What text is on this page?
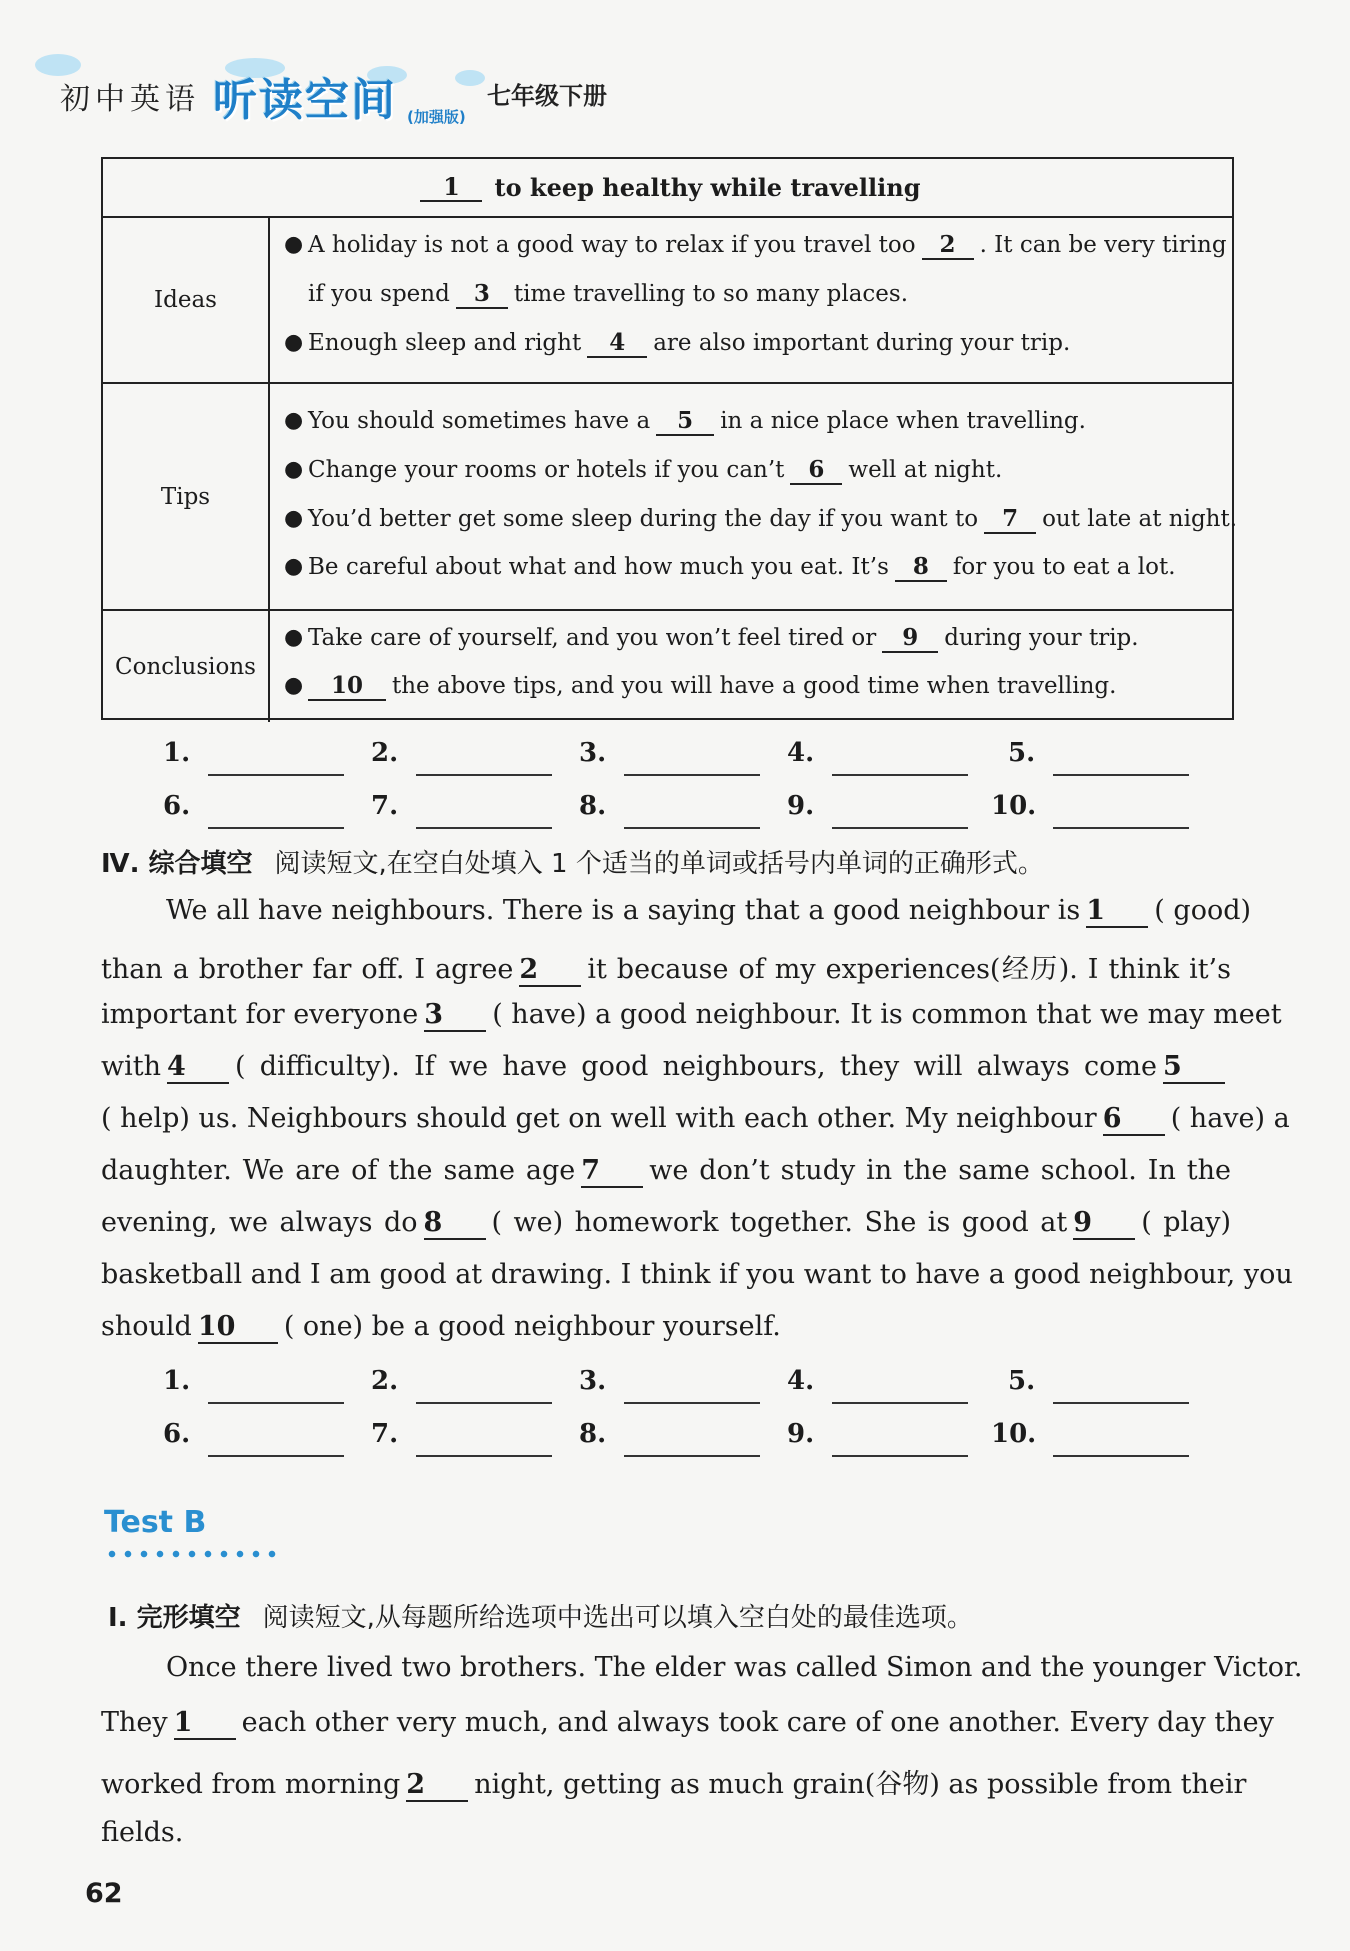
初中英语 听读空间 (加强版)
七年级下册
1	to keep healthy while travelling
Ideas
● A holiday is not a good way to relax if you travel too 2 . It can be very tiring
if you spend 3 time travelling to so many places.
● Enough sleep and right 4 are also important during your trip.
Tips
● You should sometimes have a 5 in a nice place when travelling.
● Change your rooms or hotels if you can’t 6 well at night.
● You’d better get some sleep during the day if you want to 7 out late at night.
● Be careful about what and how much you eat. It’s 8 for you to eat a lot.
Conclusions
● Take care of yourself, and you won’t feel tired or 9 during your trip.
● 10 the above tips, and you will have a good time when travelling.
1.	2.	3.	4.	5.
6.	7.	8.	9.	10.
Ⅳ. 综合填空 阅读短文,在空白处填入 1 个适当的单词或括号内单词的正确形式。
We all have neighbours. There is a saying that a good neighbour is 1 ( good)
than a brother far off. I agree 2 it because of my experiences(经历). I think it’s
important for everyone 3 ( have) a good neighbour. It is common that we may meet
with 4 ( difficulty). If we have good neighbours, they will always come 5
( help) us. Neighbours should get on well with each other. My neighbour 6 ( have) a
daughter. We are of the same age 7 we don’t study in the same school. In the
evening, we always do 8 ( we) homework together. She is good at 9 ( play)
basketball and I am good at drawing. I think if you want to have a good neighbour, you
should 10 ( one) be a good neighbour yourself.
1.	2.	3.	4.	5.
6.	7.	8.	9.	10.
Test B
Ⅰ. 完形填空 阅读短文,从每题所给选项中选出可以填入空白处的最佳选项。
Once there lived two brothers. The elder was called Simon and the younger Victor.
They 1 each other very much, and always took care of one another. Every day they
worked from morning 2 night, getting as much grain(谷物) as possible from their
fields.
62
